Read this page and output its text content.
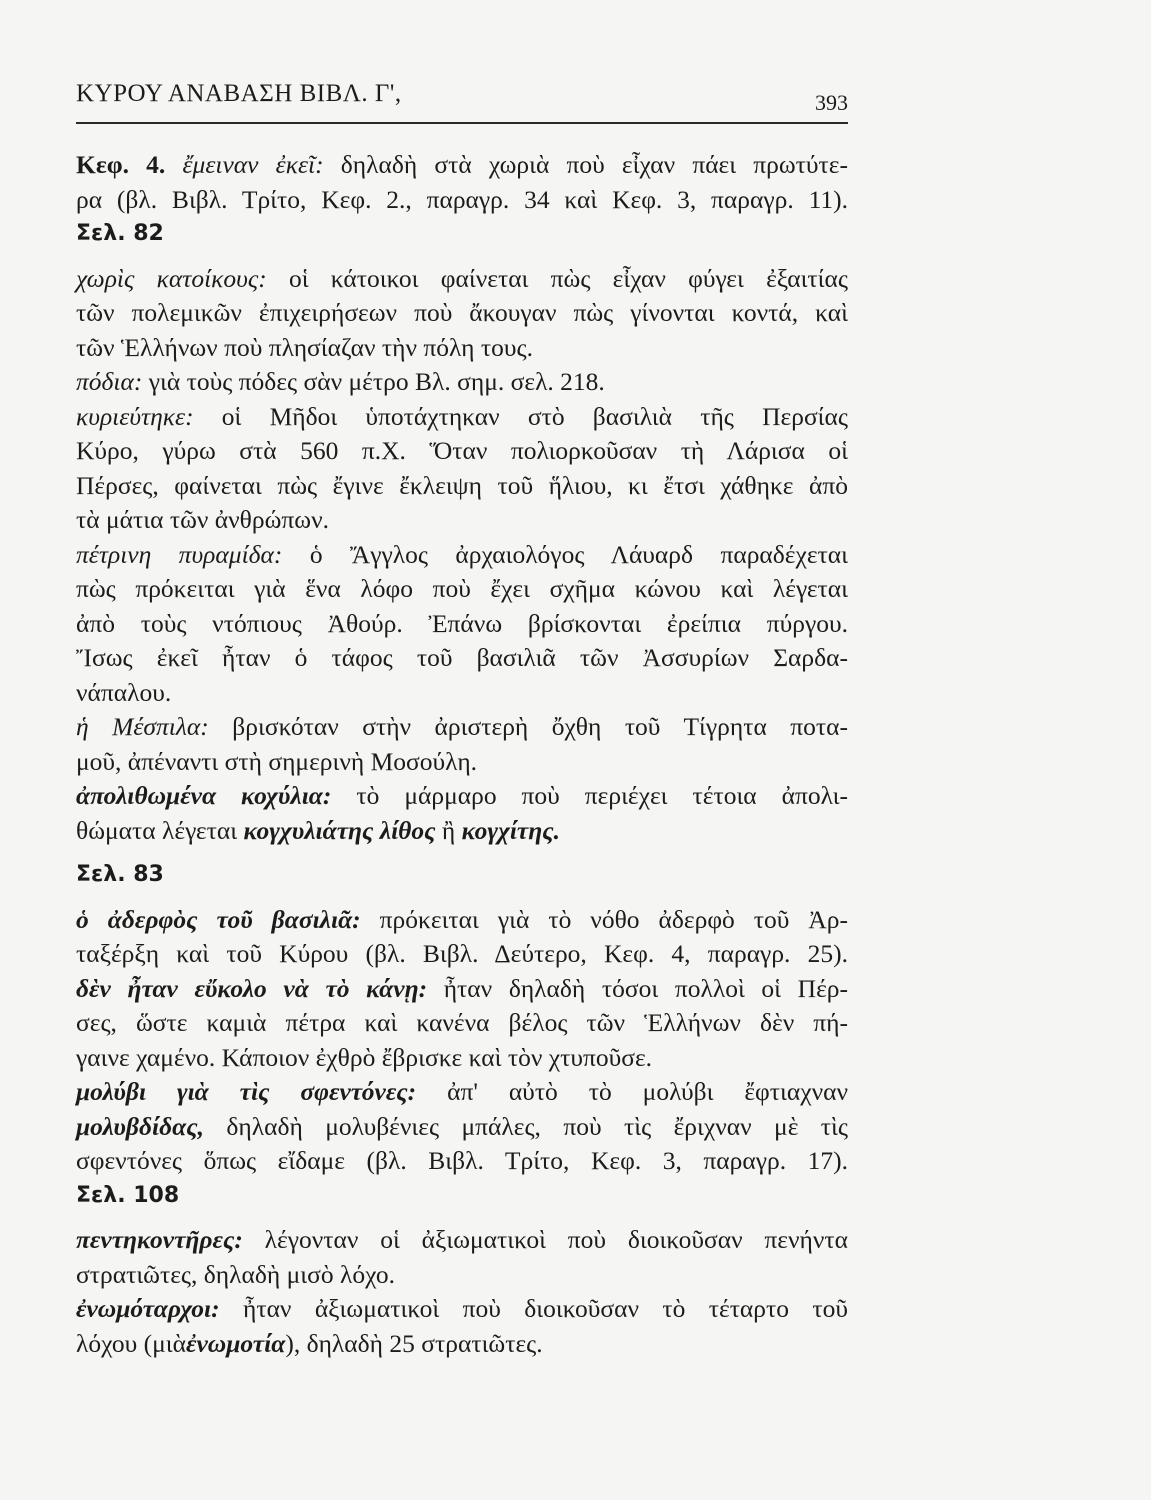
ΚΥΡΟΥ ΑΝΑΒΑΣΗ ΒΙΒΛ. Γ',	393
Κεφ. 4. ἔμειναν ἐκεῖ: δηλαδὴ στὰ χωριὰ ποὺ εἶχαν πάει πρωτύτε-
ρα (βλ. Βιβλ. Τρίτο, Κεφ. 2., παραγρ. 34 καὶ Κεφ. 3, παραγρ. 11).
Σελ. 82
χωρὶς κατοίκους: οἱ κάτοικοι φαίνεται πὼς εἶχαν φύγει ἐξαιτίας
τῶν πολεμικῶν ἐπιχειρήσεων ποὺ ἄκουγαν πὼς γίνονται κοντά, καὶ
τῶν Ἑλλήνων ποὺ πλησίαζαν τὴν πόλη τους.
πόδια: γιὰ τοὺς πόδες σὰν μέτρο Βλ. σημ. σελ. 218.
κυριεύτηκε: οἱ Μῆδοι ὑποτάχτηκαν στὸ βασιλιὰ τῆς Περσίας
Κύρο, γύρω στὰ 560 π.Χ. Ὅταν πολιορκοῦσαν τὴ Λάρισα οἱ
Πέρσες, φαίνεται πὼς ἔγινε ἔκλειψη τοῦ ἥλιου, κι ἔτσι χάθηκε ἀπὸ
τὰ μάτια τῶν ἀνθρώπων.
πέτρινη πυραμίδα: ὁ Ἄγγλος ἀρχαιολόγος Λάυαρδ παραδέχεται
πὼς πρόκειται γιὰ ἕνα λόφο ποὺ ἔχει σχῆμα κώνου καὶ λέγεται
ἀπὸ τοὺς ντόπιους Ἀθούρ. Ἐπάνω βρίσκονται ἐρείπια πύργου.
Ἴσως ἐκεῖ ἦταν ὁ τάφος τοῦ βασιλιᾶ τῶν Ἀσσυρίων Σαρδα-
νάπαλου.
ἡ Μέσπιλα: βρισκόταν στὴν ἀριστερὴ ὄχθη τοῦ Τίγρητα ποτα-
μοῦ, ἀπέναντι στὴ σημερινὴ Μοσούλη.
ἀπολιθωμένα κοχύλια: τὸ μάρμαρο ποὺ περιέχει τέτοια ἀπολι-
θώματα λέγεται κογχυλιάτης λίθος ἢ κογχίτης.
Σελ. 83
ὁ ἀδερφὸς τοῦ βασιλιᾶ: πρόκειται γιὰ τὸ νόθο ἀδερφὸ τοῦ Ἀρ-
ταξέρξη καὶ τοῦ Κύρου (βλ. Βιβλ. Δεύτερο, Κεφ. 4, παραγρ. 25).
δὲν ἦταν εὔκολο νὰ τὸ κάνῃ: ἦταν δηλαδὴ τόσοι πολλοὶ οἱ Πέρ-
σες, ὥστε καμιὰ πέτρα καὶ κανένα βέλος τῶν Ἑλλήνων δὲν πή-
γαινε χαμένο. Κάποιον ἐχθρὸ ἔβρισκε καὶ τὸν χτυποῦσε.
μολύβι γιὰ τὶς σφεντόνες: ἀπ' αὐτὸ τὸ μολύβι ἔφτιαχναν
μολυβδίδας, δηλαδὴ μολυβένιες μπάλες, ποὺ τὶς ἔριχναν μὲ τὶς
σφεντόνες ὅπως εἴδαμε (βλ. Βιβλ. Τρίτο, Κεφ. 3, παραγρ. 17).
Σελ. 108
πεντηκοντῆρες: λέγονταν οἱ ἀξιωματικοὶ ποὺ διοικοῦσαν πενήντα
στρατιῶτες, δηλαδὴ μισὸ λόχο.
ἐνωμόταρχοι: ἦταν ἀξιωματικοὶ ποὺ διοικοῦσαν τὸ τέταρτο τοῦ
λόχου (μιὰἐνωμοτία), δηλαδὴ 25 στρατιῶτες.
